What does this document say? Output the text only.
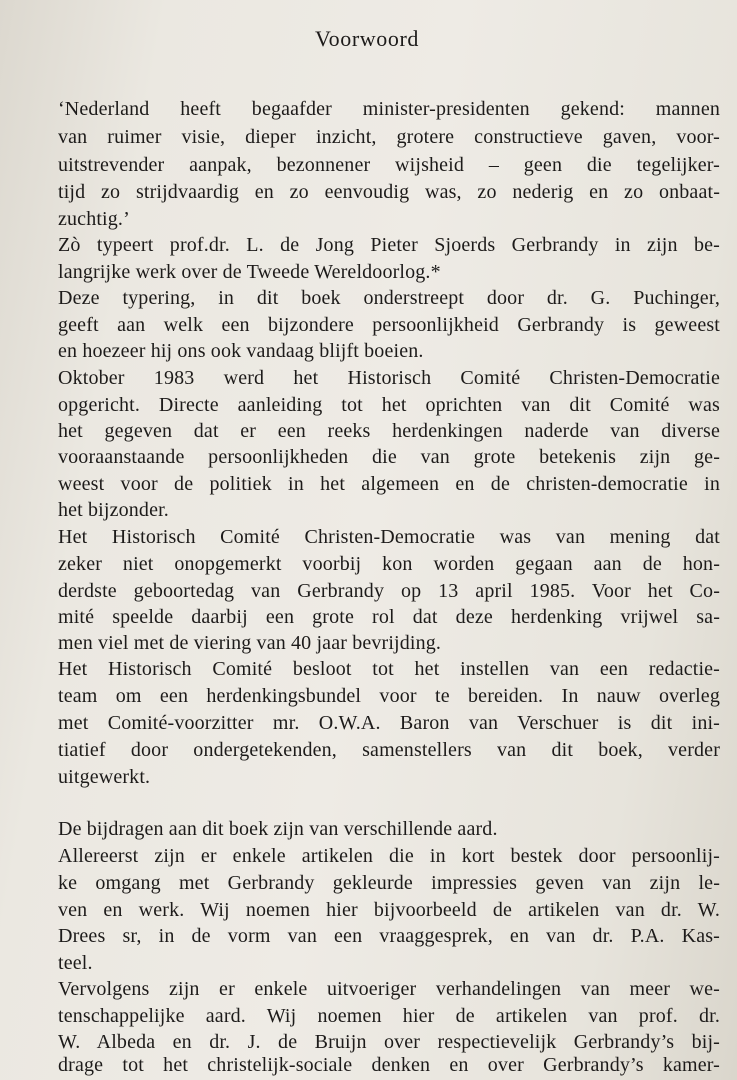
Voorwoord
‘Nederland heeft begaafder minister-presidenten gekend: mannen
van ruimer visie, dieper inzicht, grotere constructieve gaven, voor-
uitstrevender aanpak, bezonnener wijsheid – geen die tegelijker-
tijd zo strijdvaardig en zo eenvoudig was, zo nederig en zo onbaat-
zuchtig.’
Zò typeert prof.dr. L. de Jong Pieter Sjoerds Gerbrandy in zijn be-
langrijke werk over de Tweede Wereldoorlog.*
Deze typering, in dit boek onderstreept door dr. G. Puchinger,
geeft aan welk een bijzondere persoonlijkheid Gerbrandy is geweest
en hoezeer hij ons ook vandaag blijft boeien.
Oktober 1983 werd het Historisch Comité Christen-Democratie
opgericht. Directe aanleiding tot het oprichten van dit Comité was
het gegeven dat er een reeks herdenkingen naderde van diverse
vooraanstaande persoonlijkheden die van grote betekenis zijn ge-
weest voor de politiek in het algemeen en de christen-democratie in
het bijzonder.
Het Historisch Comité Christen-Democratie was van mening dat
zeker niet onopgemerkt voorbij kon worden gegaan aan de hon-
derdste geboortedag van Gerbrandy op 13 april 1985. Voor het Co-
mité speelde daarbij een grote rol dat deze herdenking vrijwel sa-
men viel met de viering van 40 jaar bevrijding.
Het Historisch Comité besloot tot het instellen van een redactie-
team om een herdenkingsbundel voor te bereiden. In nauw overleg
met Comité-voorzitter mr. O.W.A. Baron van Verschuer is dit ini-
tiatief door ondergetekenden, samenstellers van dit boek, verder
uitgewerkt.
De bijdragen aan dit boek zijn van verschillende aard.
Allereerst zijn er enkele artikelen die in kort bestek door persoonlij-
ke omgang met Gerbrandy gekleurde impressies geven van zijn le-
ven en werk. Wij noemen hier bijvoorbeeld de artikelen van dr. W.
Drees sr, in de vorm van een vraaggesprek, en van dr. P.A. Kas-
teel.
Vervolgens zijn er enkele uitvoeriger verhandelingen van meer we-
tenschappelijke aard. Wij noemen hier de artikelen van prof. dr.
W. Albeda en dr. J. de Bruijn over respectievelijk Gerbrandy’s bij-
drage tot het christelijk-sociale denken en over Gerbrandy’s kamer-
